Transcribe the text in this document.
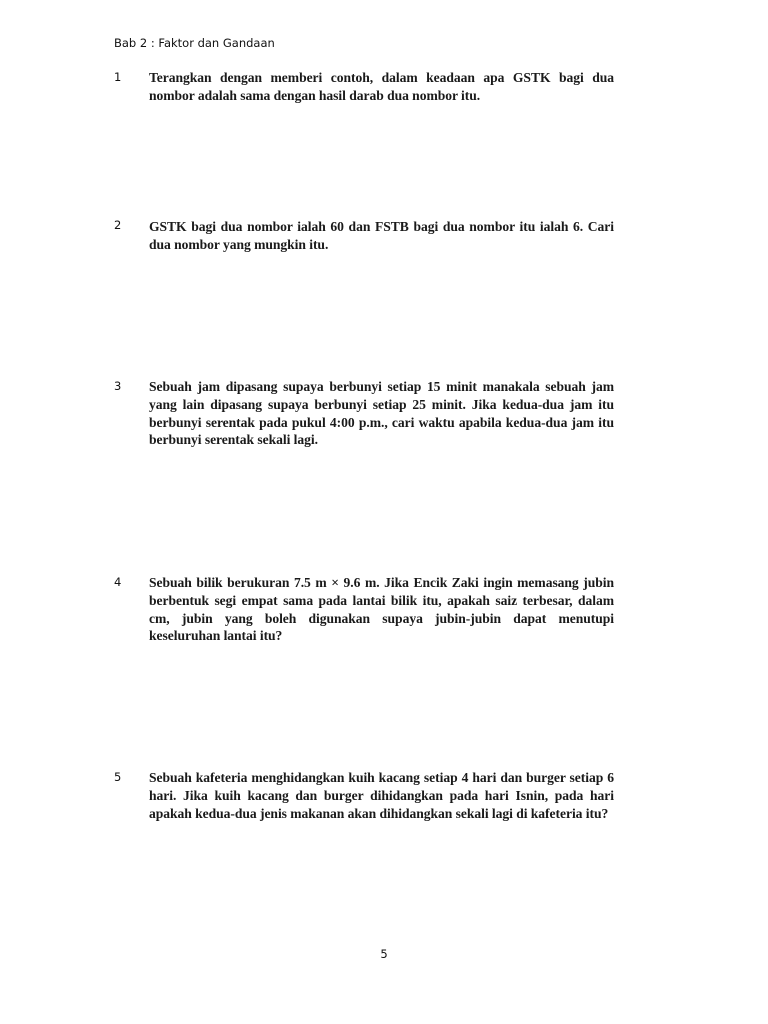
Bab 2 : Faktor dan Gandaan
1 Terangkan dengan memberi contoh, dalam keadaan apa GSTK bagi dua nombor adalah sama dengan hasil darab dua nombor itu.
2 GSTK bagi dua nombor ialah 60 dan FSTB bagi dua nombor itu ialah 6. Cari dua nombor yang mungkin itu.
3 Sebuah jam dipasang supaya berbunyi setiap 15 minit manakala sebuah jam yang lain dipasang supaya berbunyi setiap 25 minit. Jika kedua-dua jam itu berbunyi serentak pada pukul 4:00 p.m., cari waktu apabila kedua-dua jam itu berbunyi serentak sekali lagi.
4 Sebuah bilik berukuran 7.5 m × 9.6 m. Jika Encik Zaki ingin memasang jubin berbentuk segi empat sama pada lantai bilik itu, apakah saiz terbesar, dalam cm, jubin yang boleh digunakan supaya jubin-jubin dapat menutupi keseluruhan lantai itu?
5 Sebuah kafeteria menghidangkan kuih kacang setiap 4 hari dan burger setiap 6 hari. Jika kuih kacang dan burger dihidangkan pada hari Isnin, pada hari apakah kedua-dua jenis makanan akan dihidangkan sekali lagi di kafeteria itu?
5
